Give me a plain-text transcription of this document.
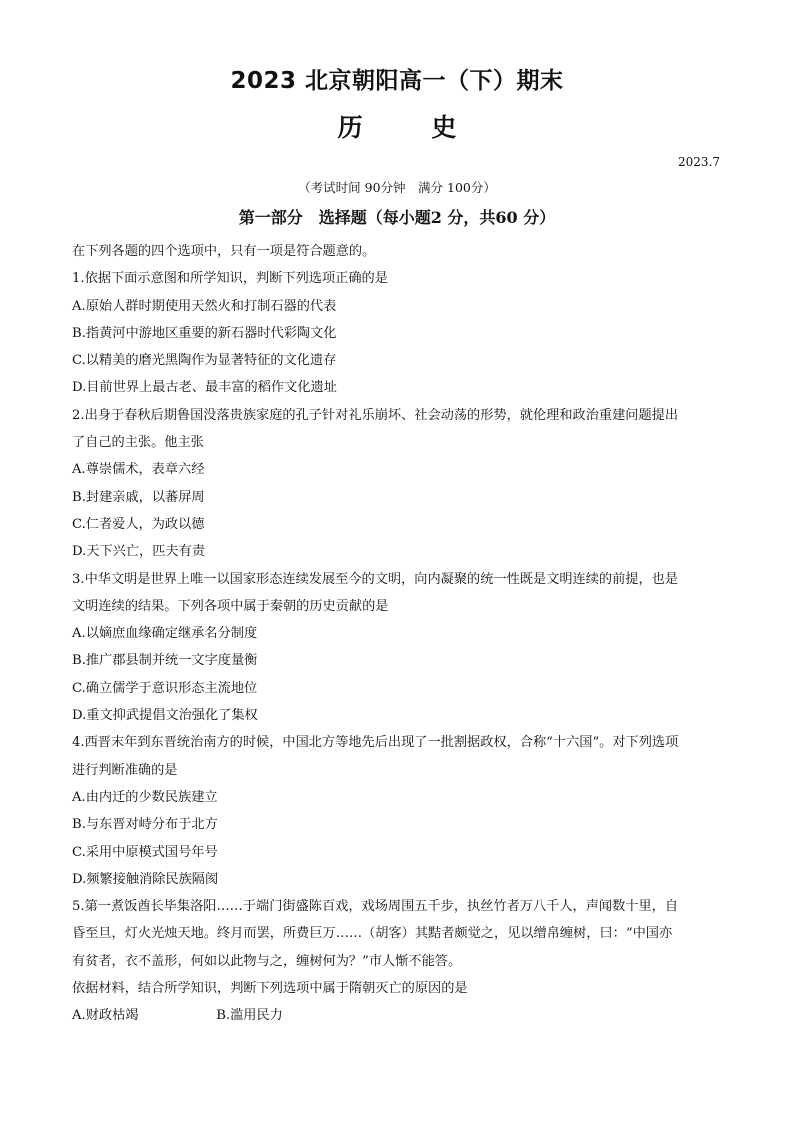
2023 北京朝阳高一（下）期末
历 史
2023.7
（考试时间 90分钟　满分 100分）
第一部分　选择题（每小题2 分，共60 分）
在下列各题的四个选项中，只有一项是符合题意的。
1.依据下面示意图和所学知识，判断下列选项正确的是
A.原始人群时期使用天然火和打制石器的代表
B.指黄河中游地区重要的新石器时代彩陶文化
C.以精美的磨光黑陶作为显著特征的文化遗存
D.目前世界上最古老、最丰富的稻作文化遗址
2.出身于春秋后期鲁国没落贵族家庭的孔子针对礼乐崩坏、社会动荡的形势，就伦理和政治重建问题提出
了自己的主张。他主张
A.尊崇儒术，表章六经
B.封建亲戚，以蕃屏周
C.仁者爱人，为政以德
D.天下兴亡，匹夫有责
3.中华文明是世界上唯一以国家形态连续发展至今的文明，向内凝聚的统一性既是文明连续的前提，也是
文明连续的结果。下列各项中属于秦朝的历史贡献的是
A.以嫡庶血缘确定继承名分制度
B.推广郡县制并统一文字度量衡
C.确立儒学于意识形态主流地位
D.重文抑武提倡文治强化了集权
4.西晋末年到东晋统治南方的时候，中国北方等地先后出现了一批割据政权，合称“十六国”。对下列选项
进行判断准确的是
A.由内迁的少数民族建立
B.与东晋对峙分布于北方
C.采用中原模式国号年号
D.频繁接触消除民族隔阂
5.第一煮饭酋长毕集洛阳……于端门街盛陈百戏，戏场周围五千步，执丝竹者万八千人，声闻数十里，自
昏至旦，灯火光烛天地。终月而罢，所费巨万……（胡客）其黠者颇觉之，见以缯帛缠树，曰：“中国亦
有贫者，衣不盖形，何如以此物与之，缠树何为？”市人惭不能答。
依据材料，结合所学知识，判断下列选项中属于隋朝灭亡的原因的是
A.财政枯竭	B.滥用民力
